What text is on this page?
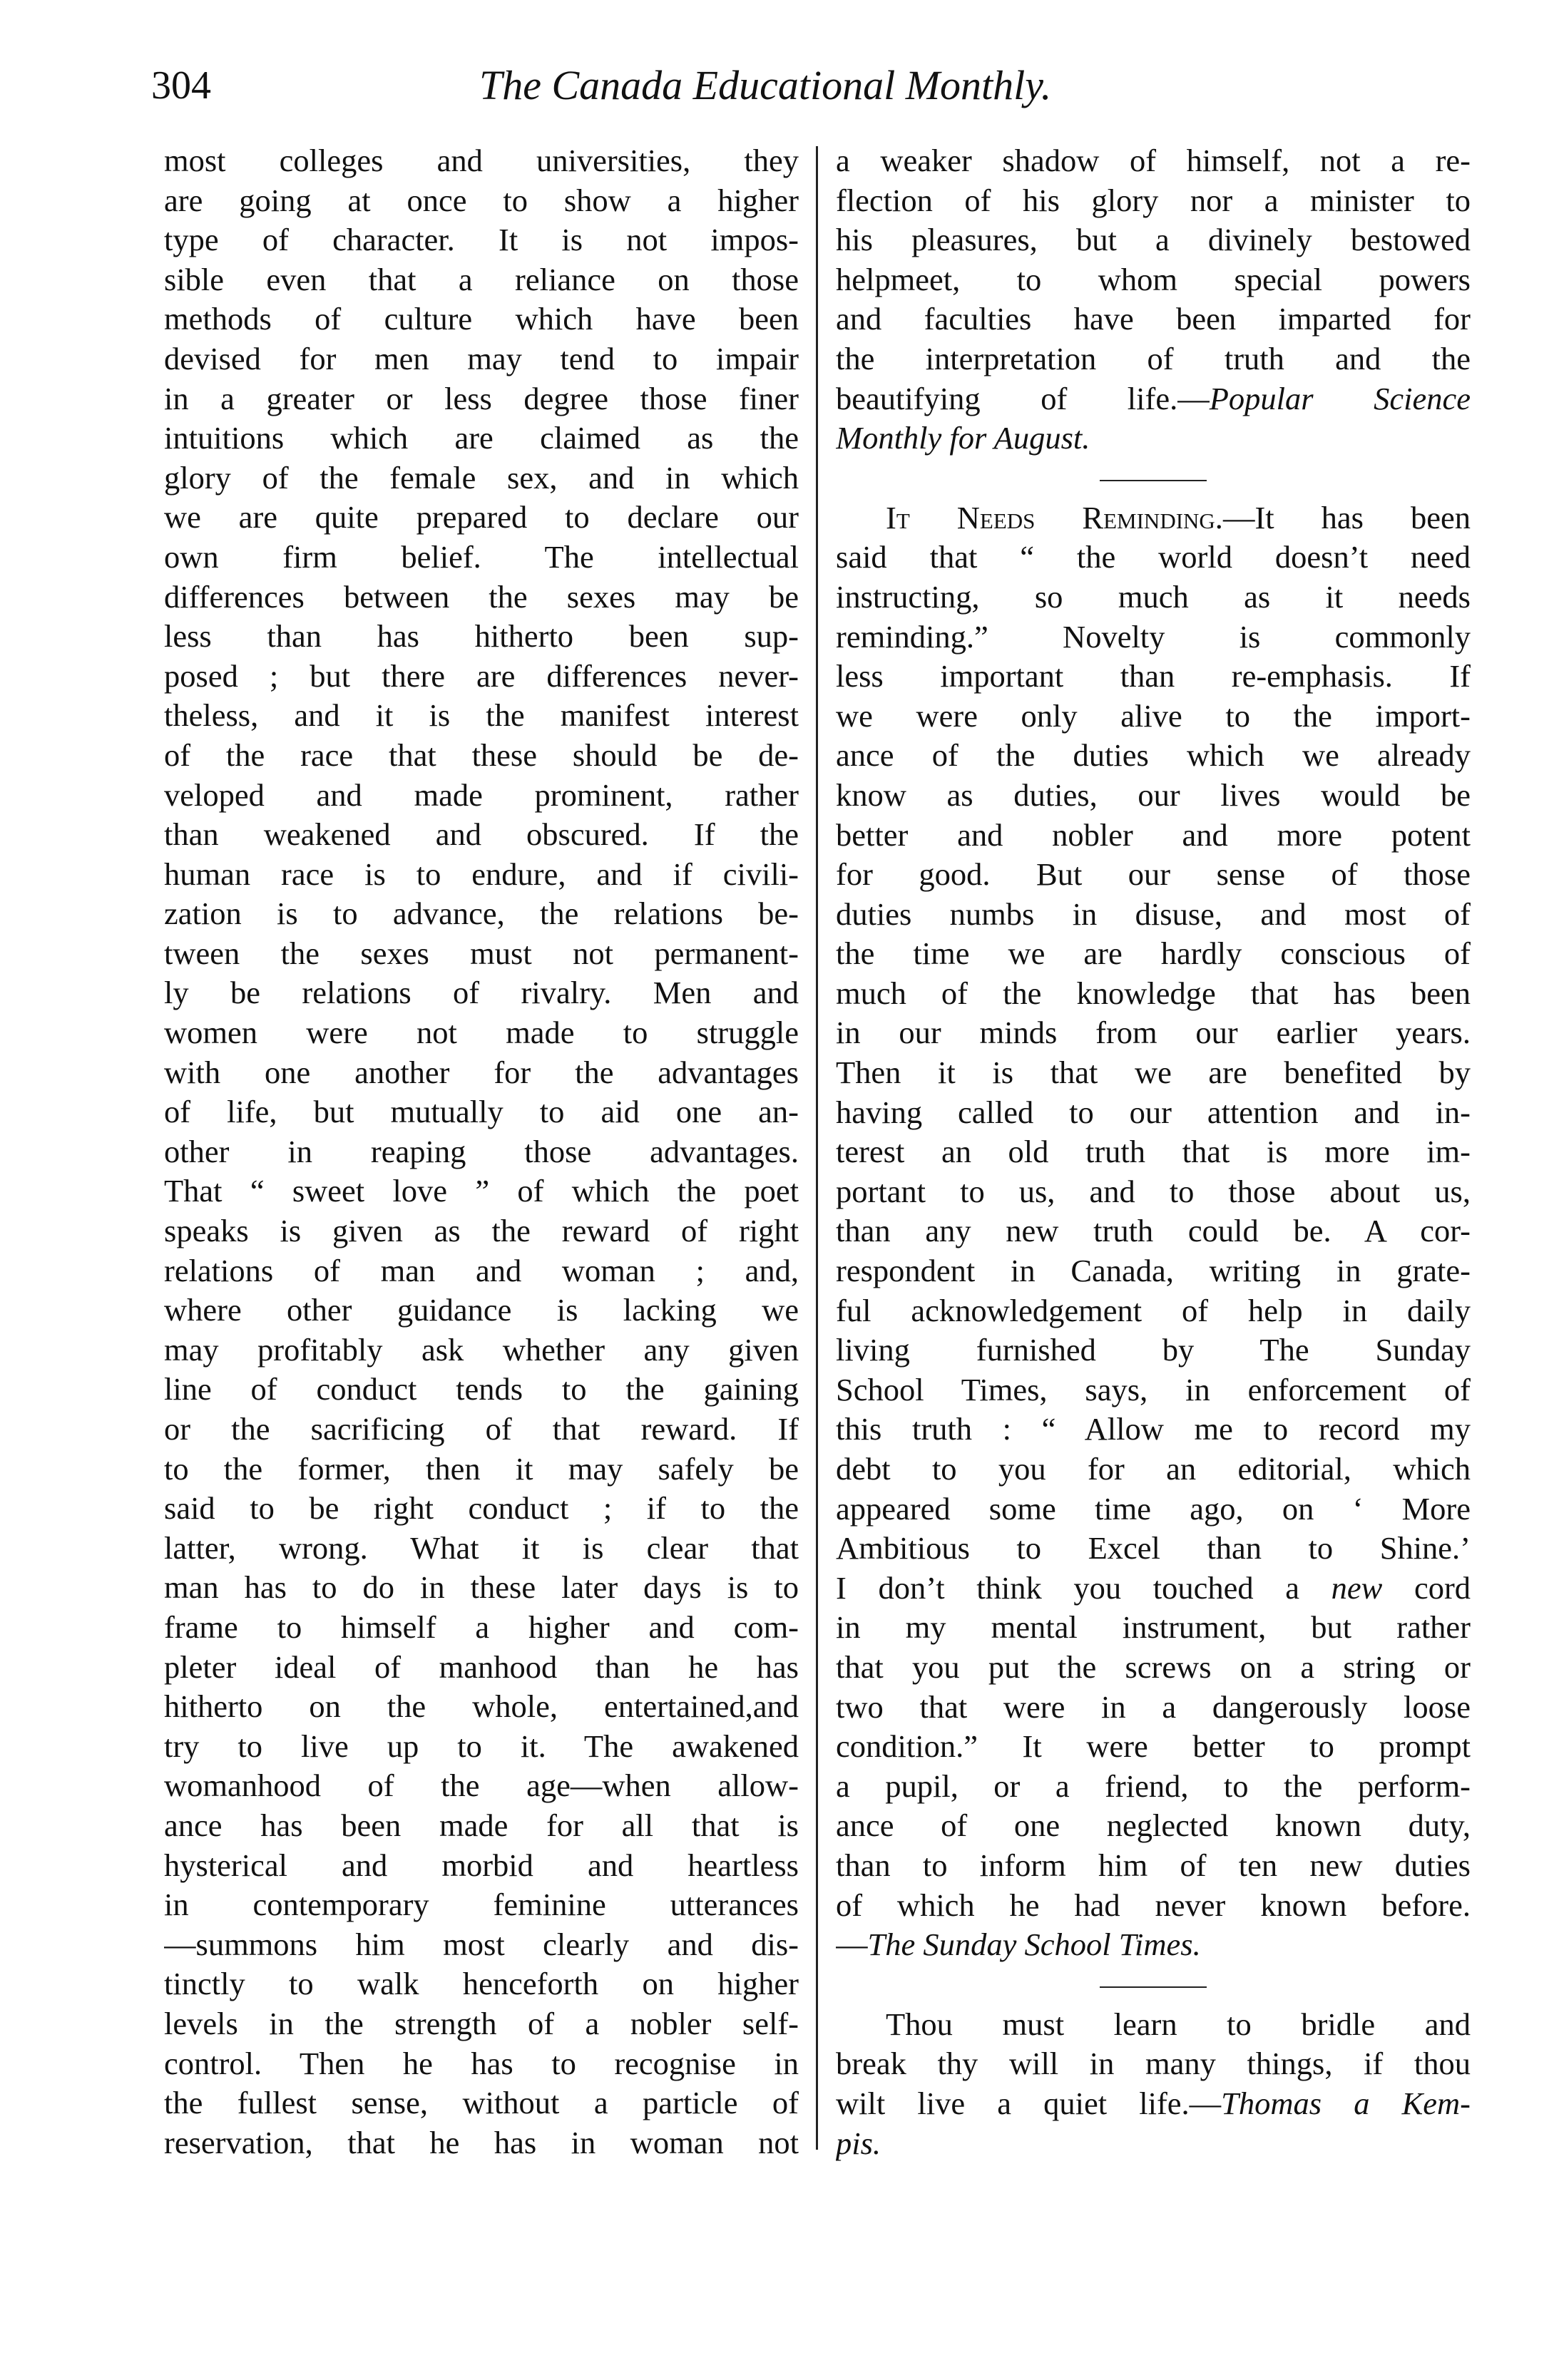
304	The Canada Educational Monthly.
most colleges and universities, they
are going at once to show a higher
type of character. It is not impos-
sible even that a reliance on those
methods of culture which have been
devised for men may tend to impair
in a greater or less degree those finer
intuitions which are claimed as the
glory of the female sex, and in which
we are quite prepared to declare our
own firm belief. The intellectual
differences between the sexes may be
less than has hitherto been sup-
posed ; but there are differences never-
theless, and it is the manifest interest
of the race that these should be de-
veloped and made prominent, rather
than weakened and obscured. If the
human race is to endure, and if civili-
zation is to advance, the relations be-
tween the sexes must not permanent-
ly be relations of rivalry. Men and
women were not made to struggle
with one another for the advantages
of life, but mutually to aid one an-
other in reaping those advantages.
That “ sweet love ” of which the poet
speaks is given as the reward of right
relations of man and woman ; and,
where other guidance is lacking we
may profitably ask whether any given
line of conduct tends to the gaining
or the sacrificing of that reward. If
to the former, then it may safely be
said to be right conduct ; if to the
latter, wrong. What it is clear that
man has to do in these later days is to
frame to himself a higher and com-
pleter ideal of manhood than he has
hitherto on the whole, entertained,and
try to live up to it. The awakened
womanhood of the age—when allow-
ance has been made for all that is
hysterical and morbid and heartless
in contemporary feminine utterances
—summons him most clearly and dis-
tinctly to walk henceforth on higher
levels in the strength of a nobler self-
control. Then he has to recognise in
the fullest sense, without a particle of
reservation, that he has in woman not
a weaker shadow of himself, not a re-
flection of his glory nor a minister to
his pleasures, but a divinely bestowed
helpmeet, to whom special powers
and faculties have been imparted for
the interpretation of truth and the
beautifying of life.—Popular Science
Monthly for August.
It Needs Reminding.—It has been
said that “ the world doesn’t need
instructing, so much as it needs
reminding.” Novelty is commonly
less important than re-emphasis. If
we were only alive to the import-
ance of the duties which we already
know as duties, our lives would be
better and nobler and more potent
for good. But our sense of those
duties numbs in disuse, and most of
the time we are hardly conscious of
much of the knowledge that has been
in our minds from our earlier years.
Then it is that we are benefited by
having called to our attention and in-
terest an old truth that is more im-
portant to us, and to those about us,
than any new truth could be. A cor-
respondent in Canada, writing in grate-
ful acknowledgement of help in daily
living furnished by The Sunday
School Times, says, in enforcement of
this truth : “ Allow me to record my
debt to you for an editorial, which
appeared some time ago, on ‘ More
Ambitious to Excel than to Shine.’
I don’t think you touched a new cord
in my mental instrument, but rather
that you put the screws on a string or
two that were in a dangerously loose
condition.” It were better to prompt
a pupil, or a friend, to the perform-
ance of one neglected known duty,
than to inform him of ten new duties
of which he had never known before.
—The Sunday School Times.
Thou must learn to bridle and
break thy will in many things, if thou
wilt live a quiet life.—Thomas a Kem-
pis.
